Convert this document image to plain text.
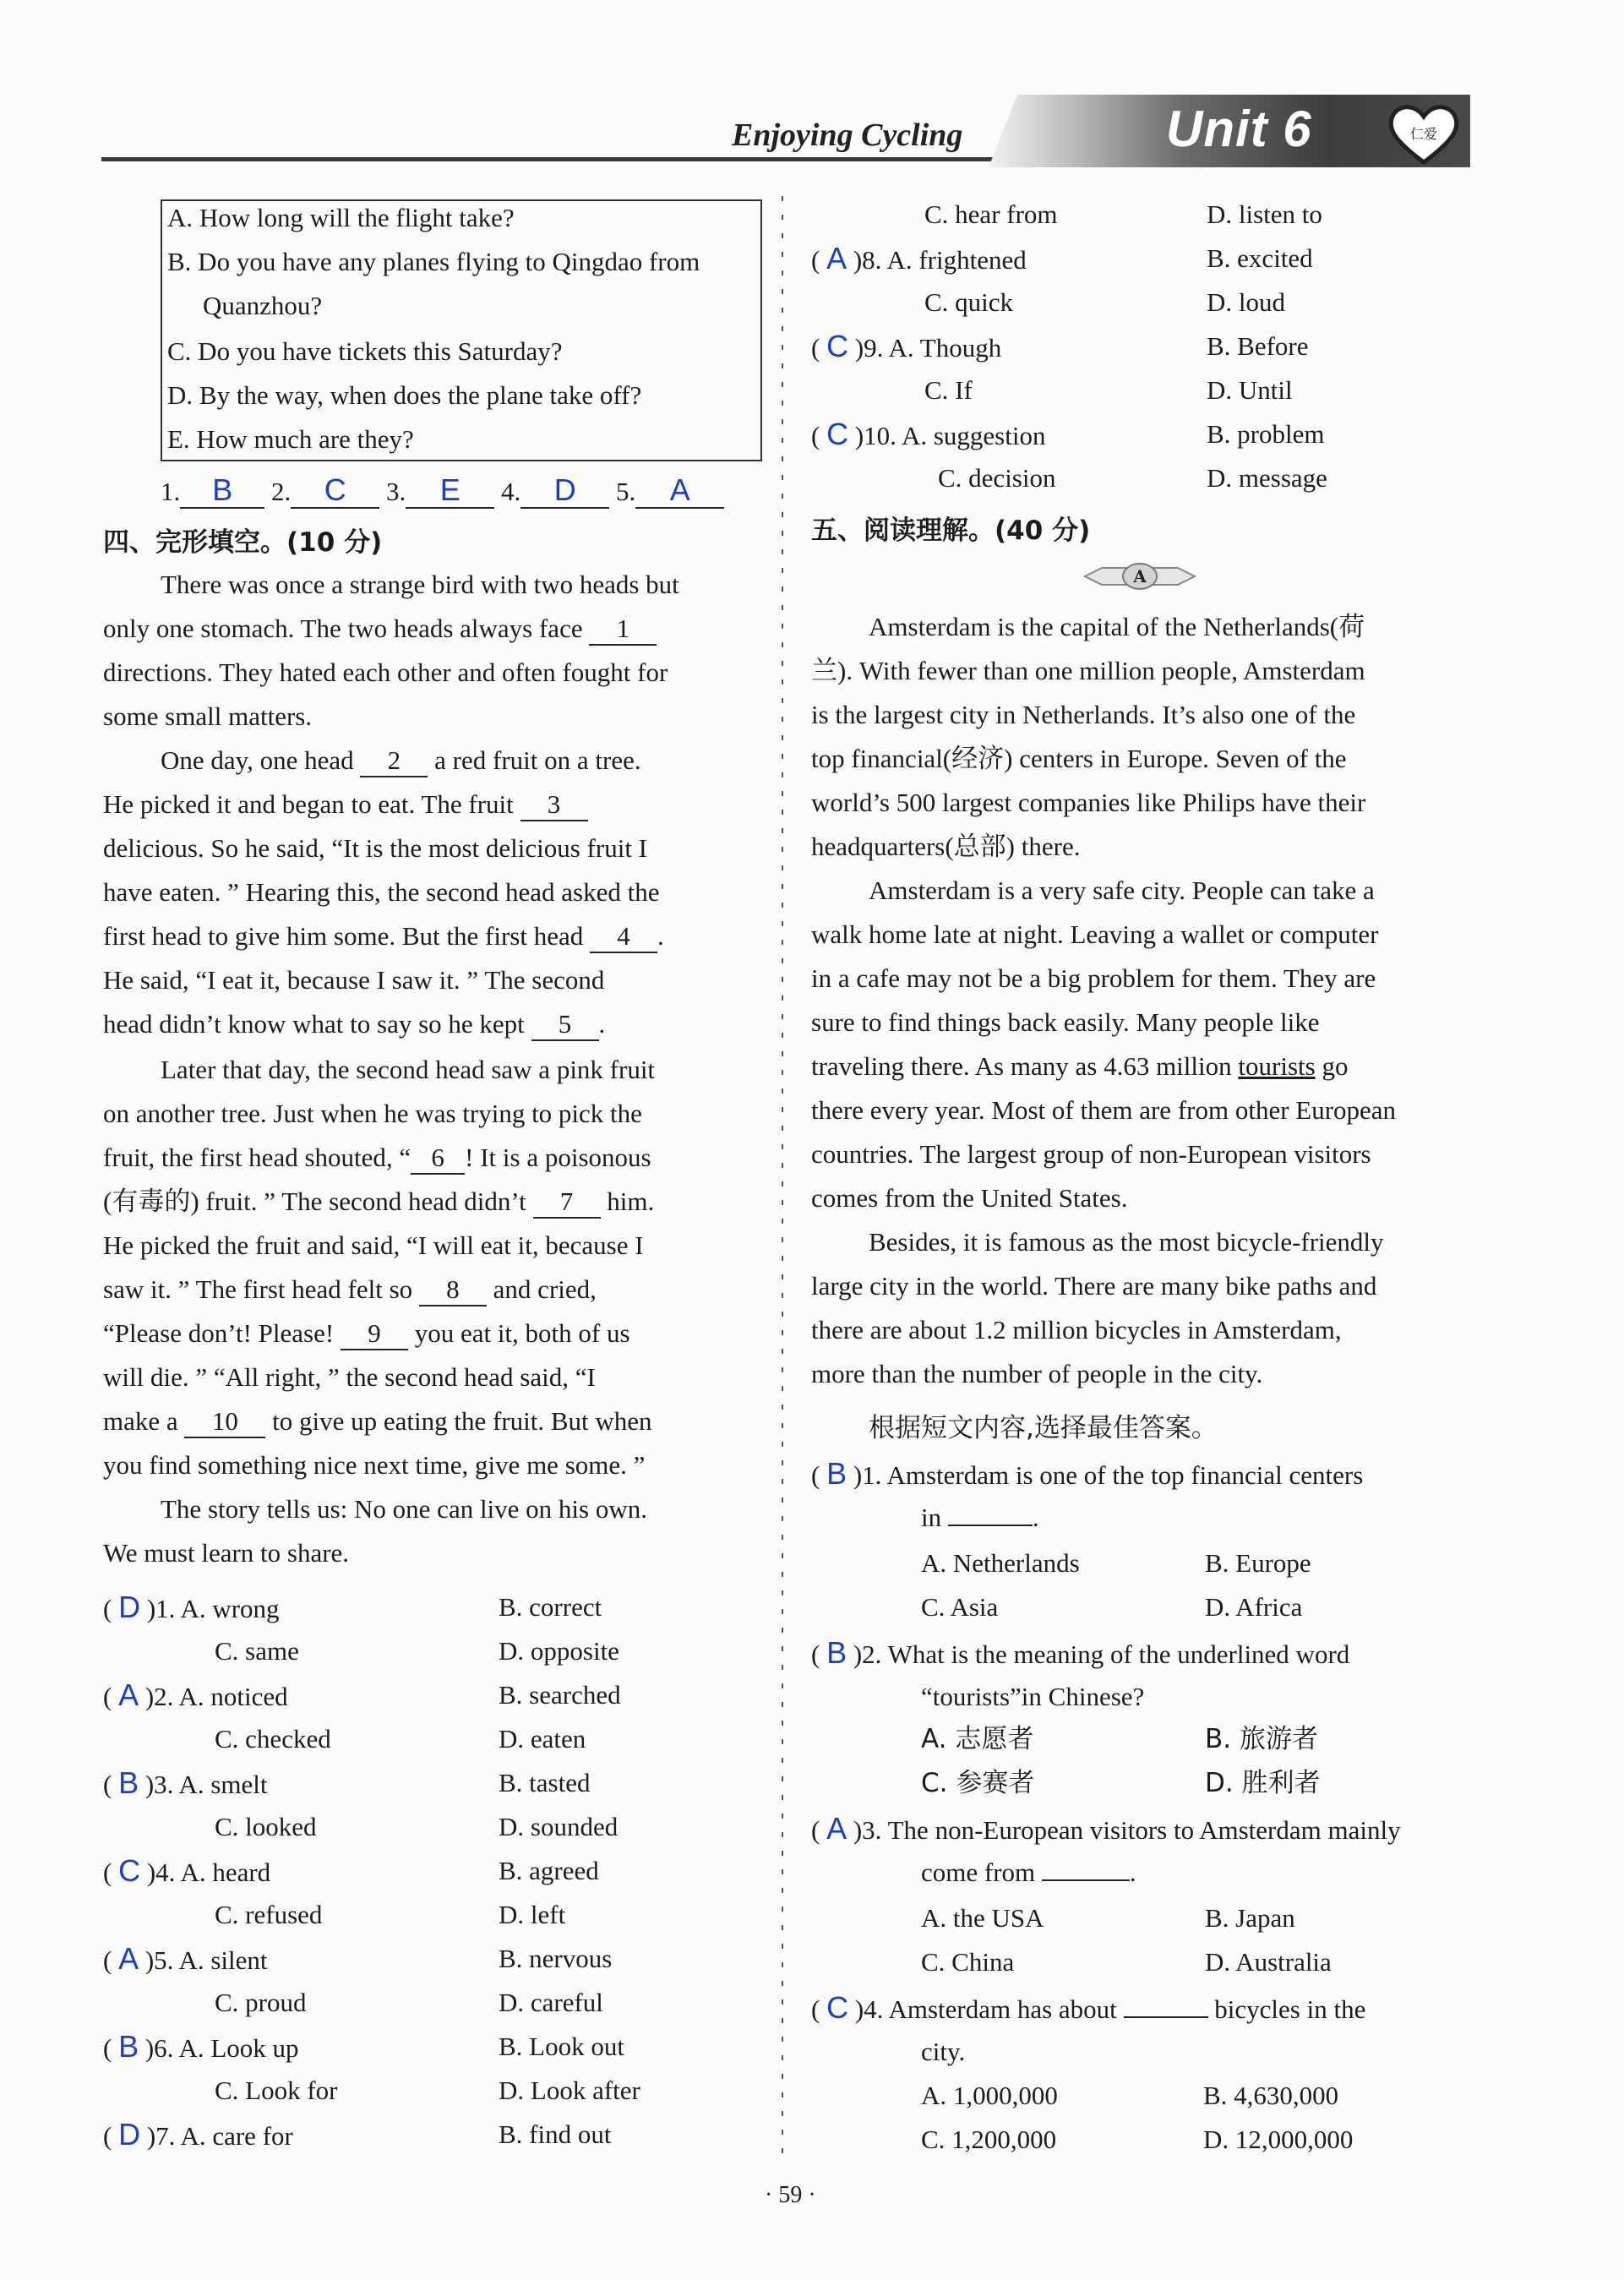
Enjoying Cycling	Unit 6	仁爱
A. How long will the flight take?
B. Do you have any planes flying to Qingdao from
Quanzhou?
C. Do you have tickets this Saturday?
D. By the way, when does the plane take off?
E. How much are they?
1. B 2. C 3. E 4. D 5. A
四、完形填空。(10 分)
There was once a strange bird with two heads but
only one stomach. The two heads always face 1
directions. They hated each other and often fought for
some small matters.
One day, one head 2 a red fruit on a tree.
He picked it and began to eat. The fruit 3
delicious. So he said, “It is the most delicious fruit I
have eaten. ” Hearing this, the second head asked the
first head to give him some. But the first head 4 .
He said, “I eat it, because I saw it. ” The second
head didn’t know what to say so he kept 5 .
Later that day, the second head saw a pink fruit
on another tree. Just when he was trying to pick the
fruit, the first head shouted, “ 6 ! It is a poisonous
(有毒的) fruit. ” The second head didn’t 7 him.
He picked the fruit and said, “I will eat it, because I
saw it. ” The first head felt so 8 and cried,
“Please don’t! Please! 9 you eat it, both of us
will die. ” “All right, ” the second head said, “I
make a 10 to give up eating the fruit. But when
you find something nice next time, give me some. ”
The story tells us: No one can live on his own.
We must learn to share.
( D )1. A. wrong	B. correct
C. same	D. opposite
( A )2. A. noticed	B. searched
C. checked	D. eaten
( B )3. A. smelt	B. tasted
C. looked	D. sounded
( C )4. A. heard	B. agreed
C. refused	D. left
( A )5. A. silent	B. nervous
C. proud	D. careful
( B )6. A. Look up	B. Look out
C. Look for	D. Look after
( D )7. A. care for	B. find out
C. hear from	D. listen to
( A )8. A. frightened	B. excited
C. quick	D. loud
( C )9. A. Though	B. Before
C. If	D. Until
( C )10. A. suggestion	B. problem
C. decision	D. message
五、阅读理解。(40 分)
A
Amsterdam is the capital of the Netherlands(荷
兰). With fewer than one million people, Amsterdam
is the largest city in Netherlands. It’s also one of the
top financial(经济) centers in Europe. Seven of the
world’s 500 largest companies like Philips have their
headquarters(总部) there.
Amsterdam is a very safe city. People can take a
walk home late at night. Leaving a wallet or computer
in a cafe may not be a big problem for them. They are
sure to find things back easily. Many people like
traveling there. As many as 4.63 million tourists go
there every year. Most of them are from other European
countries. The largest group of non-European visitors
comes from the United States.
Besides, it is famous as the most bicycle-friendly
large city in the world. There are many bike paths and
there are about 1.2 million bicycles in Amsterdam,
more than the number of people in the city.
根据短文内容,选择最佳答案。
( B )1. Amsterdam is one of the top financial centers
in	.
A. Netherlands	B. Europe
C. Asia	D. Africa
( B )2. What is the meaning of the underlined word
“tourists”in Chinese?
A. 志愿者	B. 旅游者
C. 参赛者	D. 胜利者
( A )3. The non-European visitors to Amsterdam mainly
come from	.
A. the USA	B. Japan
C. China	D. Australia
( C )4. Amsterdam has about	bicycles in the
city.
A. 1,000,000	B. 4,630,000
C. 1,200,000	D. 12,000,000
· 59 ·
